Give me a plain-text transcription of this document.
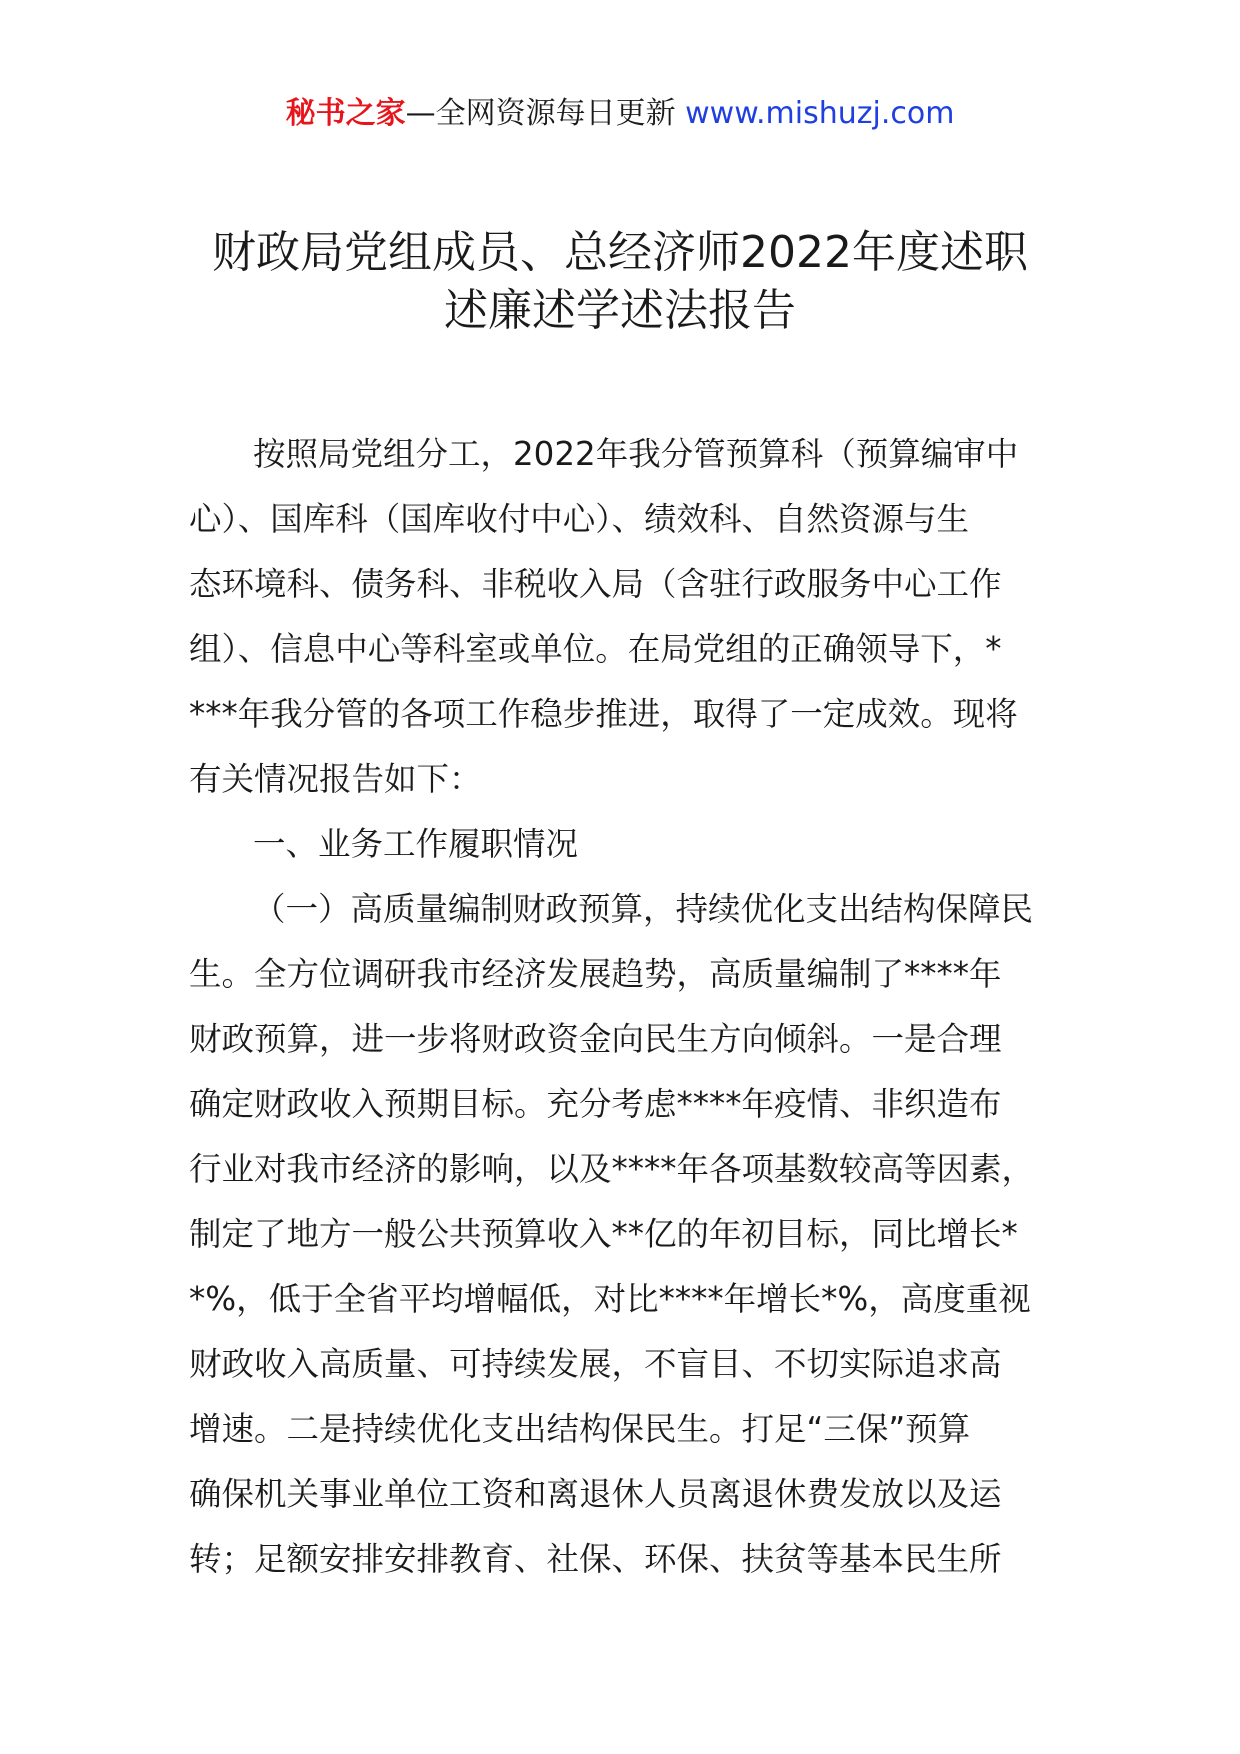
秘书之家—全网资源每日更新 www.mishuzj.com
财政局党组成员、总经济师2022年度述职
述廉述学述法报告
按照局党组分工，2022年我分管预算科（预算编审中
心）、国库科（国库收付中心）、绩效科、自然资源与生
态环境科、债务科、非税收入局（含驻行政服务中心工作
组）、信息中心等科室或单位。在局党组的正确领导下，*
***年我分管的各项工作稳步推进，取得了一定成效。现将
有关情况报告如下：
一、业务工作履职情况
（一）高质量编制财政预算，持续优化支出结构保障民
生。全方位调研我市经济发展趋势，高质量编制了****年
财政预算，进一步将财政资金向民生方向倾斜。一是合理
确定财政收入预期目标。充分考虑****年疫情、非织造布
行业对我市经济的影响，以及****年各项基数较高等因素，
制定了地方一般公共预算收入**亿的年初目标，同比增长*
*%，低于全省平均增幅低，对比****年增长*%，高度重视
财政收入高质量、可持续发展，不盲目、不切实际追求高
增速。二是持续优化支出结构保民生。打足“三保”预算
确保机关事业单位工资和离退休人员离退休费发放以及运
转；足额安排安排教育、社保、环保、扶贫等基本民生所
